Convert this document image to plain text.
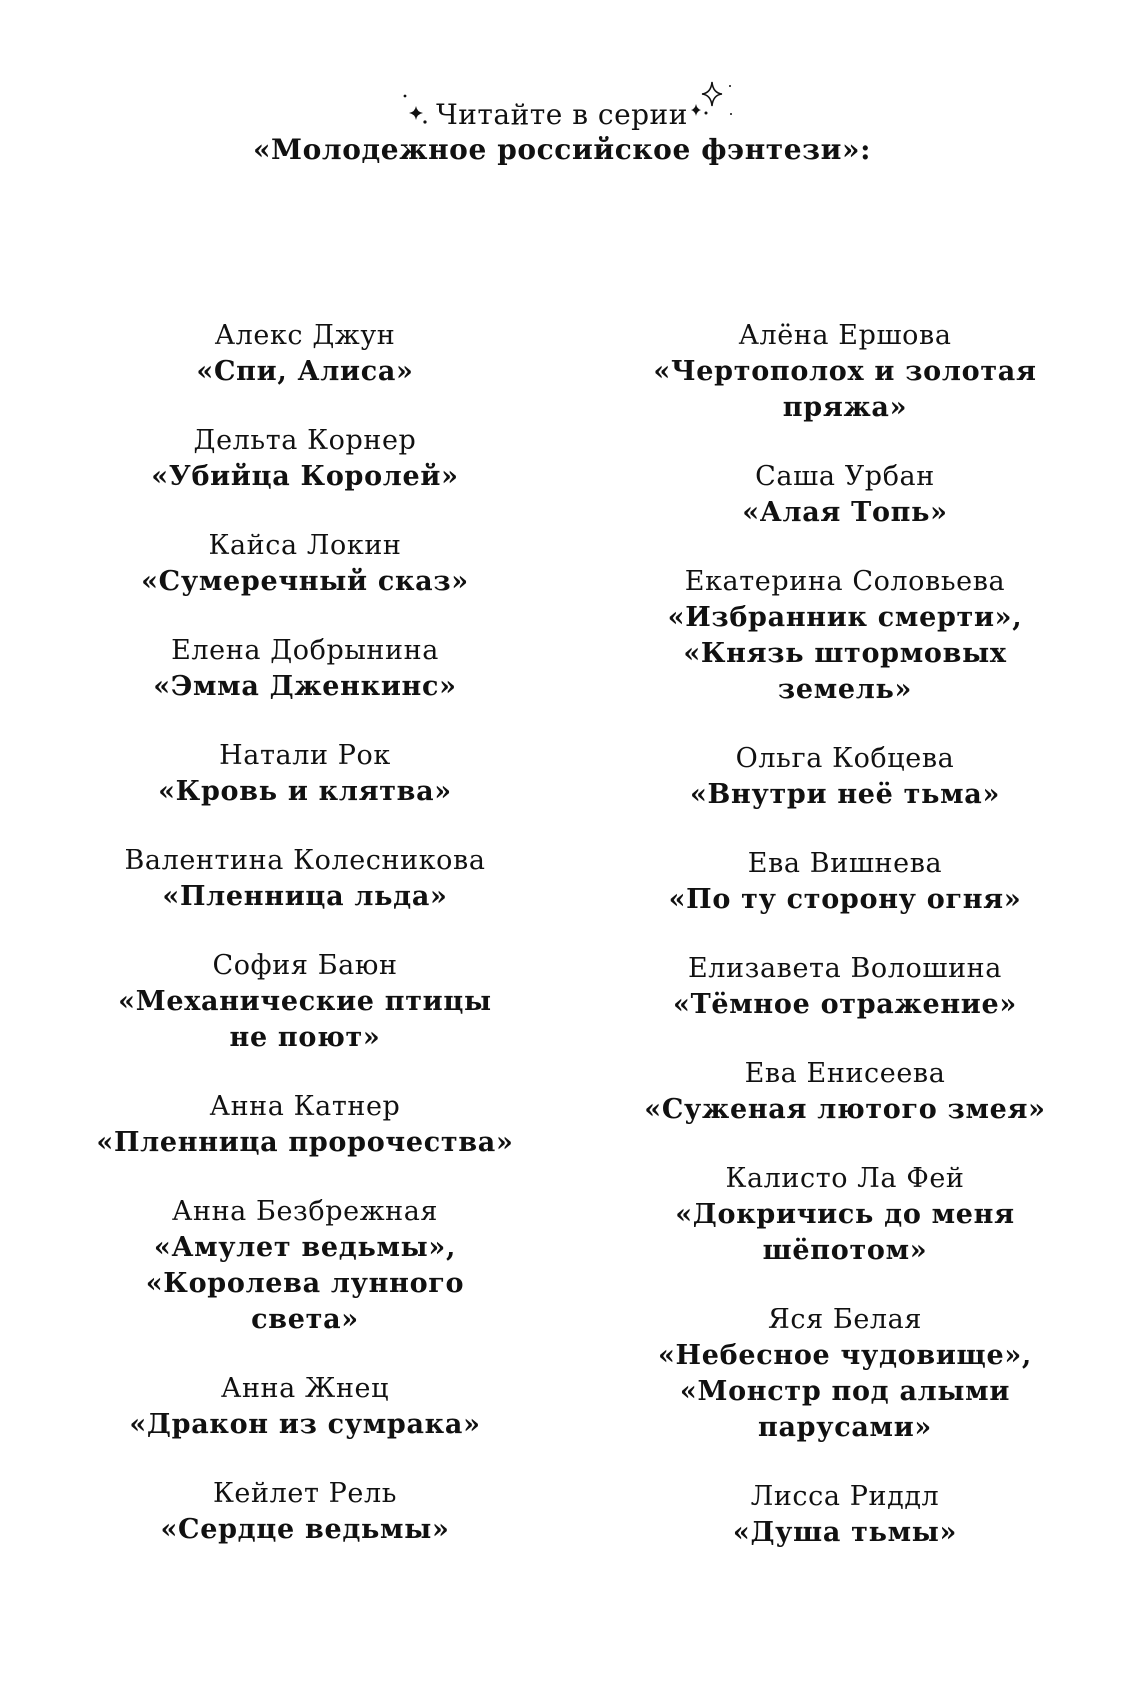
Читайте в серии
«Молодежное российское фэнтези»:
Алекс Джун
«Спи, Алиса»
Дельта Корнер
«Убийца Королей»
Кайса Локин
«Сумеречный сказ»
Елена Добрынина
«Эмма Дженкинс»
Натали Рок
«Кровь и клятва»
Валентина Колесникова
«Пленница льда»
София Баюн
«Механические птицы
не поют»
Анна Катнер
«Пленница пророчества»
Анна Безбрежная
«Амулет ведьмы»,
«Королева лунного
света»
Анна Жнец
«Дракон из сумрака»
Кейлет Рель
«Сердце ведьмы»
Алёна Ершова
«Чертополох и золотая
пряжа»
Саша Урбан
«Алая Топь»
Екатерина Соловьева
«Избранник смерти»,
«Князь штормовых
земель»
Ольга Кобцева
«Внутри неё тьма»
Ева Вишнева
«По ту сторону огня»
Елизавета Волошина
«Тёмное отражение»
Ева Енисеева
«Суженая лютого змея»
Калисто Ла Фей
«Докричись до меня
шёпотом»
Яся Белая
«Небесное чудовище»,
«Монстр под алыми
парусами»
Лисса Риддл
«Душа тьмы»
